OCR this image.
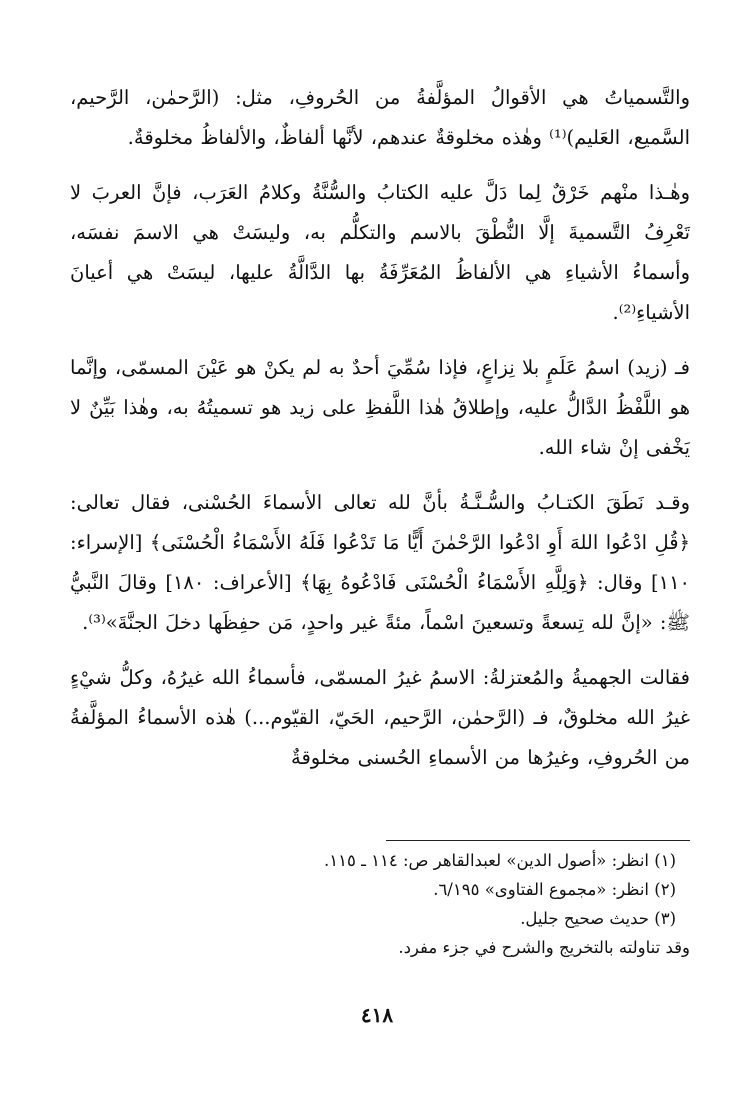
والتَّسمياتُ هي الأقوالُ المؤلَّفةُ من الحُروفِ، مثل: (الرَّحمٰن، الرَّحيم، السَّميع، العَليم)⁽¹⁾ وهٰذه مخلوقةٌ عندهم، لأنَّها ألفاظٌ، والألفاظُ مخلوقةٌ.

وهٰـذا منْهم خَرْقٌ لِما دَلَّ عليه الكتابُ والسُّنَّةُ وكلامُ العَرَب، فإنَّ العربَ لا تَعْرِفُ التَّسميةَ إلَّا النُّطْقَ بالاسم والتكلُّم به، وليسَتْ هي الاسمَ نفسَه، وأسماءُ الأشياءِ هي الألفاظُ المُعَرِّفَةُ بها الدَّالَّةُ عليها، ليسَتْ هي أعيانَ الأشياءِ⁽²⁾.

فـ (زيد) اسمُ عَلَمٍ بلا نِزاعٍ، فإذا سُمِّيَ أحدٌ به لم يكنْ هو عَيْنَ المسمّى، وإنَّما هو اللَّفْظُ الدَّالُّ عليه، وإطلاقُ هٰذا اللَّفظِ على زيد هو تسميتُهُ به، وهٰذا بَيِّنٌ لا يَخْفى إنْ شاء الله.

وقـد نَطَقَ الكتـابُ والسُّـنَّـةُ بأنَّ لله تعالى الأسماءَ الحُسْنى، فقال تعالى: ﴿قُلِ ادْعُوا اللهَ أَوِ ادْعُوا الرَّحْمٰنَ أَيًّا مَا تَدْعُوا فَلَهُ الأَسْمَاءُ الْحُسْنَى﴾ [الإسراء: ١١٠] وقال: ﴿وَلِلَّهِ الأَسْمَاءُ الْحُسْنَى فَادْعُوهُ بِهَا﴾ [الأعراف: ١٨٠] وقالَ النَّبيُّ ﷺ: «إنَّ لله تِسعةً وتسعينَ اسْماً، مئةً غير واحدٍ، مَن حفِظَها دخلَ الجنَّةَ»⁽³⁾.

فقالت الجهميةُ والمُعتزلةُ: الاسمُ غيرُ المسمّى، فأسماءُ الله غيرُهُ، وكلُّ شيْءٍ غيرُ الله مخلوقٌ، فـ (الرَّحمٰن، الرَّحيم، الحَيّ، القيّوم...) هٰذه الأسماءُ المؤلَّفةُ من الحُروفِ، وغيرُها من الأسماءِ الحُسنى مخلوقةٌ

(١) انظر: «أصول الدين» لعبدالقاهر ص: ١١٤ ـ ١١٥.

(٢) انظر: «مجموع الفتاوى» ٦/١٩٥.

(٣) حديث صحيح جليل.

وقد تناولته بالتخريج والشرح في جزء مفرد.

٤١٨
